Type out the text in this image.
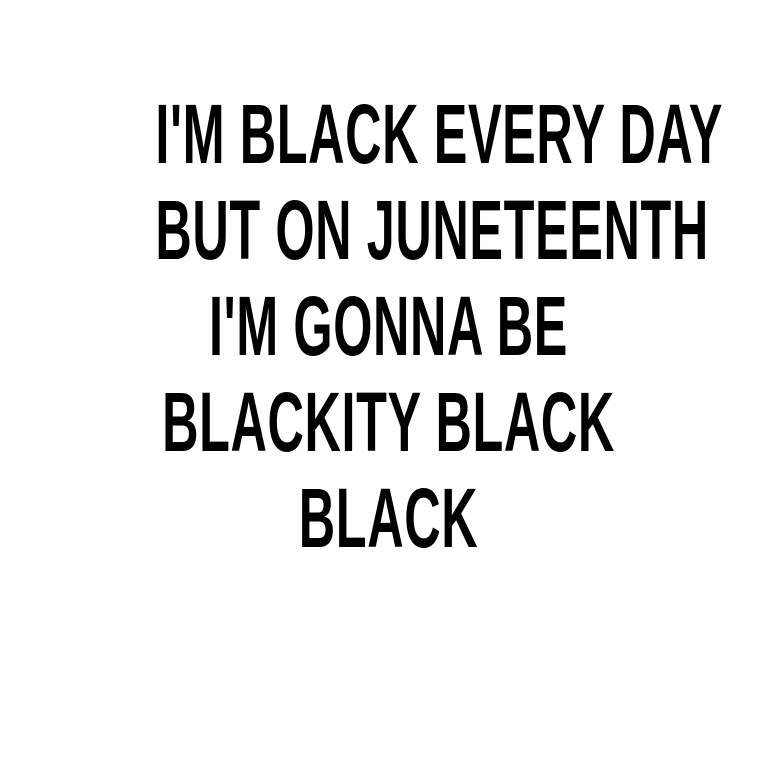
I'M BLACK EVERY DAY
BUT ON JUNETEENTH
I'M GONNA BE
BLACKITY BLACK
BLACK
